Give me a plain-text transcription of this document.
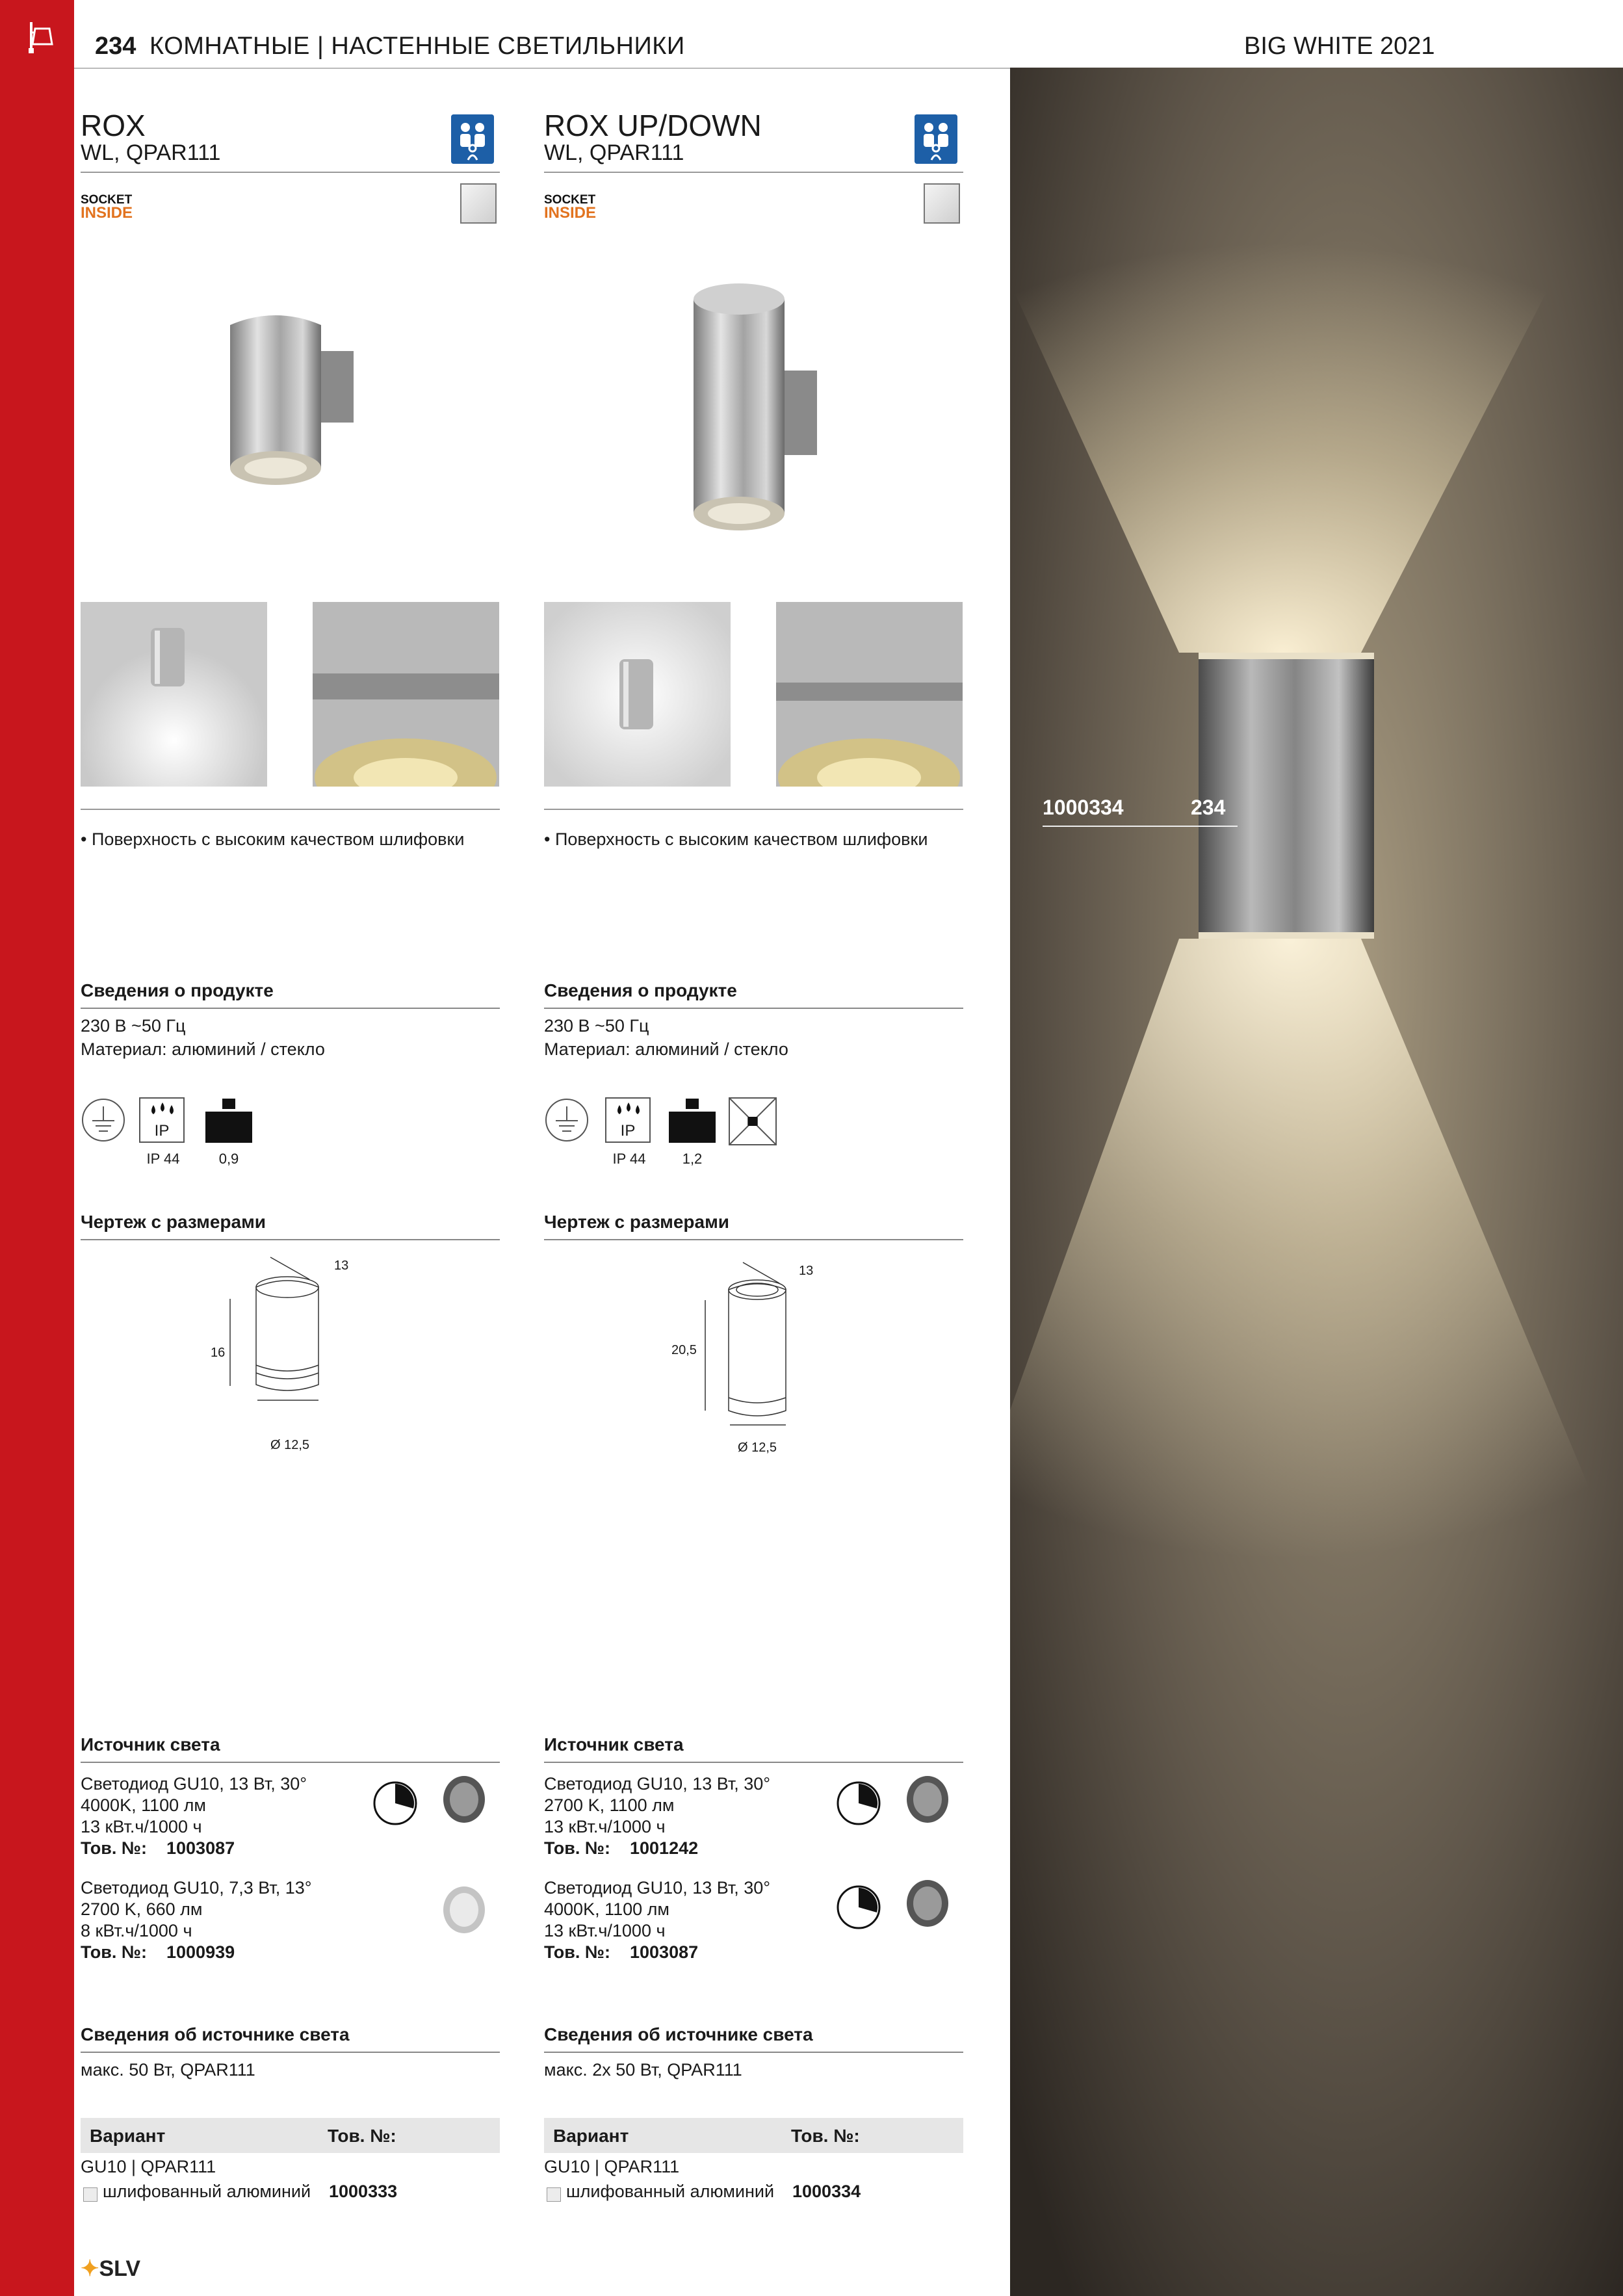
234 КОМНАТНЫЕ | НАСТЕННЫЕ СВЕТИЛЬНИКИ	BIG WHITE 2021
ROX
WL, QPAR111
SOCKET
INSIDE
• Поверхность с высоким качеством шлифовки
Сведения о продукте
230 В ~50 Гц
Материал: алюминий / стекло
IP
IP 44	0,9
Чертеж с размерами
13
16
Ø 12,5
Источник света
Светодиод GU10, 13 Вт, 30°
4000K, 1100 лм
13 кВт.ч/1000 ч
Тов. №: 1003087
Светодиод GU10, 7,3 Вт, 13°
2700 K, 660 лм
8 кВт.ч/1000 ч
Тов. №: 1000939
Сведения об источнике света
макс. 50 Вт, QPAR111
Вариант	Тов. №:
GU10 | QPAR111
шлифованный алюминий 1000333
ROX UP/DOWN
WL, QPAR111
SOCKET
INSIDE
• Поверхность с высоким качеством шлифовки
Сведения о продукте
230 В ~50 Гц
Материал: алюминий / стекло
IP
IP 44	1,2
Чертеж с размерами
13
20,5
Ø 12,5
Источник света
Светодиод GU10, 13 Вт, 30°
2700 K, 1100 лм
13 кВт.ч/1000 ч
Тов. №: 1001242
Светодиод GU10, 13 Вт, 30°
4000K, 1100 лм
13 кВт.ч/1000 ч
Тов. №: 1003087
Сведения об источнике света
макс. 2x 50 Вт, QPAR111
Вариант	Тов. №:
GU10 | QPAR111
шлифованный алюминий 1000334
1000334	234
✦SLV
